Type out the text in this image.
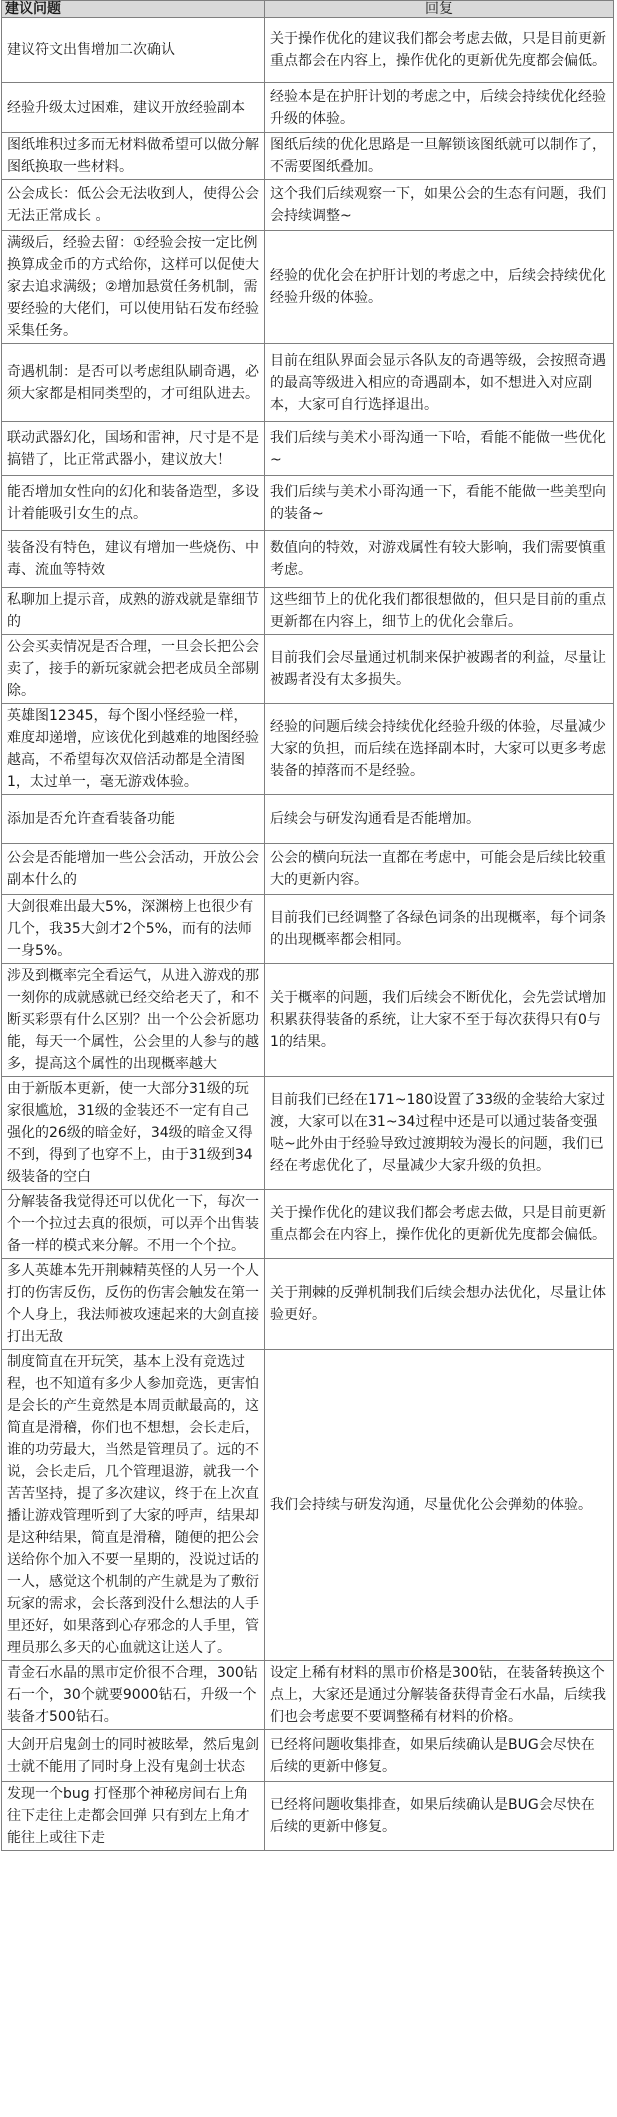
建议问题	回复
建议符文出售增加二次确认	关于操作优化的建议我们都会考虑去做，只是目前更新重点都会在内容上，操作优化的更新优先度都会偏低。
经验升级太过困难，建议开放经验副本	经验本是在护肝计划的考虑之中，后续会持续优化经验升级的体验。
图纸堆积过多而无材料做希望可以做分解图纸换取一些材料。	图纸后续的优化思路是一旦解锁该图纸就可以制作了，不需要图纸叠加。
公会成长：低公会无法收到人，使得公会无法正常成长 。	这个我们后续观察一下，如果公会的生态有问题，我们会持续调整~
满级后，经验去留：①经验会按一定比例换算成金币的方式给你，这样可以促使大家去追求满级；②增加悬赏任务机制，需要经验的大佬们，可以使用钻石发布经验采集任务。	经验的优化会在护肝计划的考虑之中，后续会持续优化经验升级的体验。
奇遇机制：是否可以考虑组队刷奇遇，必须大家都是相同类型的，才可组队进去。	目前在组队界面会显示各队友的奇遇等级，会按照奇遇的最高等级进入相应的奇遇副本，如不想进入对应副本，大家可自行选择退出。
联动武器幻化，国场和雷神，尺寸是不是搞错了，比正常武器小，建议放大！	我们后续与美术小哥沟通一下哈，看能不能做一些优化~
能否增加女性向的幻化和装备造型，多设计着能吸引女生的点。	我们后续与美术小哥沟通一下，看能不能做一些美型向的装备~
装备没有特色，建议有增加一些烧伤、中毒、流血等特效	数值向的特效，对游戏属性有较大影响，我们需要慎重考虑。
私聊加上提示音，成熟的游戏就是靠细节的	这些细节上的优化我们都很想做的，但只是目前的重点更新都在内容上，细节上的优化会靠后。
公会买卖情况是否合理，一旦会长把公会卖了，接手的新玩家就会把老成员全部剔除。	目前我们会尽量通过机制来保护被踢者的利益，尽量让被踢者没有太多损失。
英雄图12345，每个图小怪经验一样，难度却递增，应该优化到越难的地图经验越高，不希望每次双倍活动都是全清图1，太过单一，毫无游戏体验。	经验的问题后续会持续优化经验升级的体验，尽量减少大家的负担，而后续在选择副本时，大家可以更多考虑装备的掉落而不是经验。
添加是否允许查看装备功能	后续会与研发沟通看是否能增加。
公会是否能增加一些公会活动，开放公会副本什么的	公会的横向玩法一直都在考虑中，可能会是后续比较重大的更新内容。
大剑很难出最大5%，深渊榜上也很少有几个，我35大剑才2个5%，而有的法师一身5%。	目前我们已经调整了各绿色词条的出现概率，每个词条的出现概率都会相同。
涉及到概率完全看运气，从进入游戏的那一刻你的成就感就已经交给老天了，和不断买彩票有什么区别？出一个公会祈愿功能，每天一个属性，公会里的人参与的越多，提高这个属性的出现概率越大	关于概率的问题，我们后续会不断优化，会先尝试增加积累获得装备的系统，让大家不至于每次获得只有0与1的结果。
由于新版本更新，使一大部分31级的玩家很尴尬，31级的金装还不一定有自己强化的26级的暗金好，34级的暗金又得不到，得到了也穿不上，由于31级到34级装备的空白	目前我们已经在171~180设置了33级的金装给大家过渡，大家可以在31~34过程中还是可以通过装备变强哒~此外由于经验导致过渡期较为漫长的问题，我们已经在考虑优化了，尽量减少大家升级的负担。
分解装备我觉得还可以优化一下，每次一个一个拉过去真的很烦，可以弄个出售装备一样的模式来分解。不用一个个拉。	关于操作优化的建议我们都会考虑去做，只是目前更新重点都会在内容上，操作优化的更新优先度都会偏低。
多人英雄本先开荆棘精英怪的人另一个人打的伤害反伤，反伤的伤害会触发在第一个人身上，我法师被攻速起来的大剑直接打出无敌	关于荆棘的反弹机制我们后续会想办法优化，尽量让体验更好。
制度简直在开玩笑，基本上没有竞选过程，也不知道有多少人参加竞选，更害怕是会长的产生竟然是本周贡献最高的，这简直是滑稽，你们也不想想，会长走后，谁的功劳最大，当然是管理员了。远的不说，会长走后，几个管理退游，就我一个苦苦坚持，提了多次建议，终于在上次直播让游戏管理听到了大家的呼声，结果却是这种结果，简直是滑稽，随便的把公会送给你个加入不要一星期的，没说过话的一人，感觉这个机制的产生就是为了敷衍玩家的需求，会长落到没什么想法的人手里还好，如果落到心存邪念的人手里，管理员那么多天的心血就这让送人了。	我们会持续与研发沟通，尽量优化公会弹劾的体验。
青金石水晶的黑市定价很不合理，300钻石一个，30个就要9000钻石，升级一个装备才500钻石。	设定上稀有材料的黑市价格是300钻，在装备转换这个点上，大家还是通过分解装备获得青金石水晶，后续我们也会考虑要不要调整稀有材料的价格。
大剑开启鬼剑士的同时被眩晕，然后鬼剑士就不能用了同时身上没有鬼剑士状态	已经将问题收集排查，如果后续确认是BUG会尽快在后续的更新中修复。
发现一个bug 打怪那个神秘房间右上角往下走往上走都会回弹 只有到左上角才能往上或往下走	已经将问题收集排查，如果后续确认是BUG会尽快在后续的更新中修复。
